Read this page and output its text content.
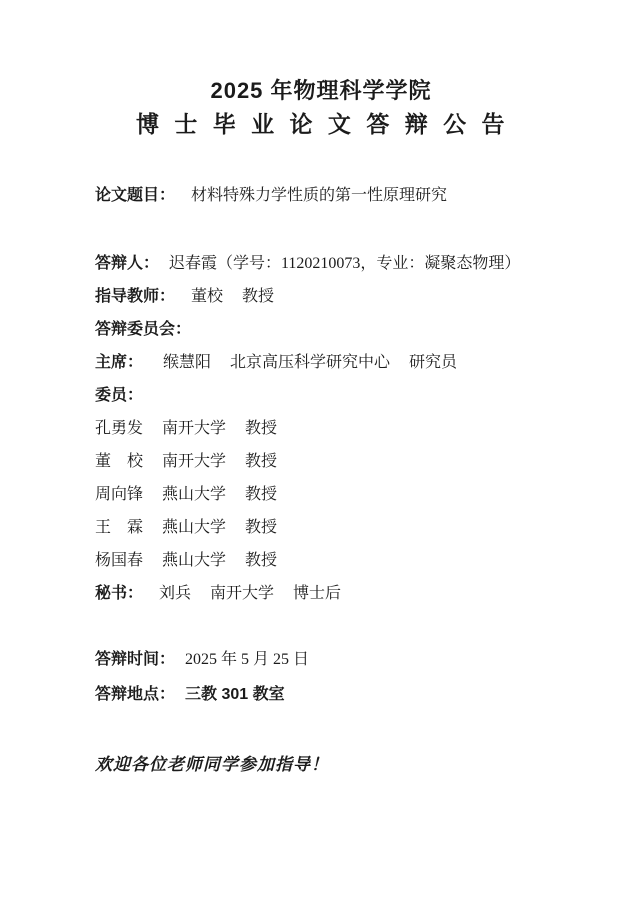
2025 年物理科学学院
博 士 毕 业 论 文 答 辩 公 告

论文题目： 材料特殊力学性质的第一性原理研究

答辩人： 迟春霞（学号：1120210073，专业：凝聚态物理）

指导教师： 董校 教授

答辩委员会：

主席： 缑慧阳 北京高压科学研究中心 研究员

委员：

孔勇发 南开大学 教授

董　校 南开大学 教授

周向锋 燕山大学 教授

王　霖 燕山大学 教授

杨国春 燕山大学 教授

秘书： 刘兵 南开大学 博士后

答辩时间： 2025 年 5 月 25 日

答辩地点： 三教 301 教室

欢迎各位老师同学参加指导！
